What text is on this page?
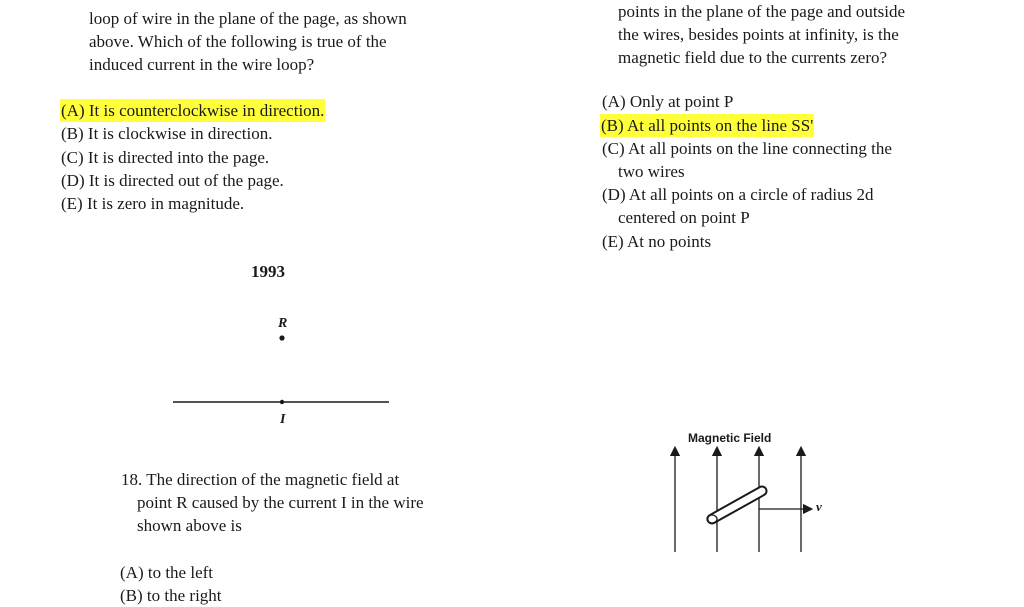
loop of wire in the plane of the page, as shown
above. Which of the following is true of the
induced current in the wire loop?
(A) It is counterclockwise in direction.
(B) It is clockwise in direction.
(C) It is directed into the page.
(D) It is directed out of the page.
(E) It is zero in magnitude.
1993
R
I
18. The direction of the magnetic field at
point R caused by the current I in the wire
shown above is
(A) to the left
(B) to the right
points in the plane of the page and outside
the wires, besides points at infinity, is the
magnetic field due to the currents zero?
(A) Only at point P
(B) At all points on the line SS'
(C) At all points on the line connecting the
two wires
(D) At all points on a circle of radius 2d
centered on point P
(E) At no points
Magnetic Field
v
